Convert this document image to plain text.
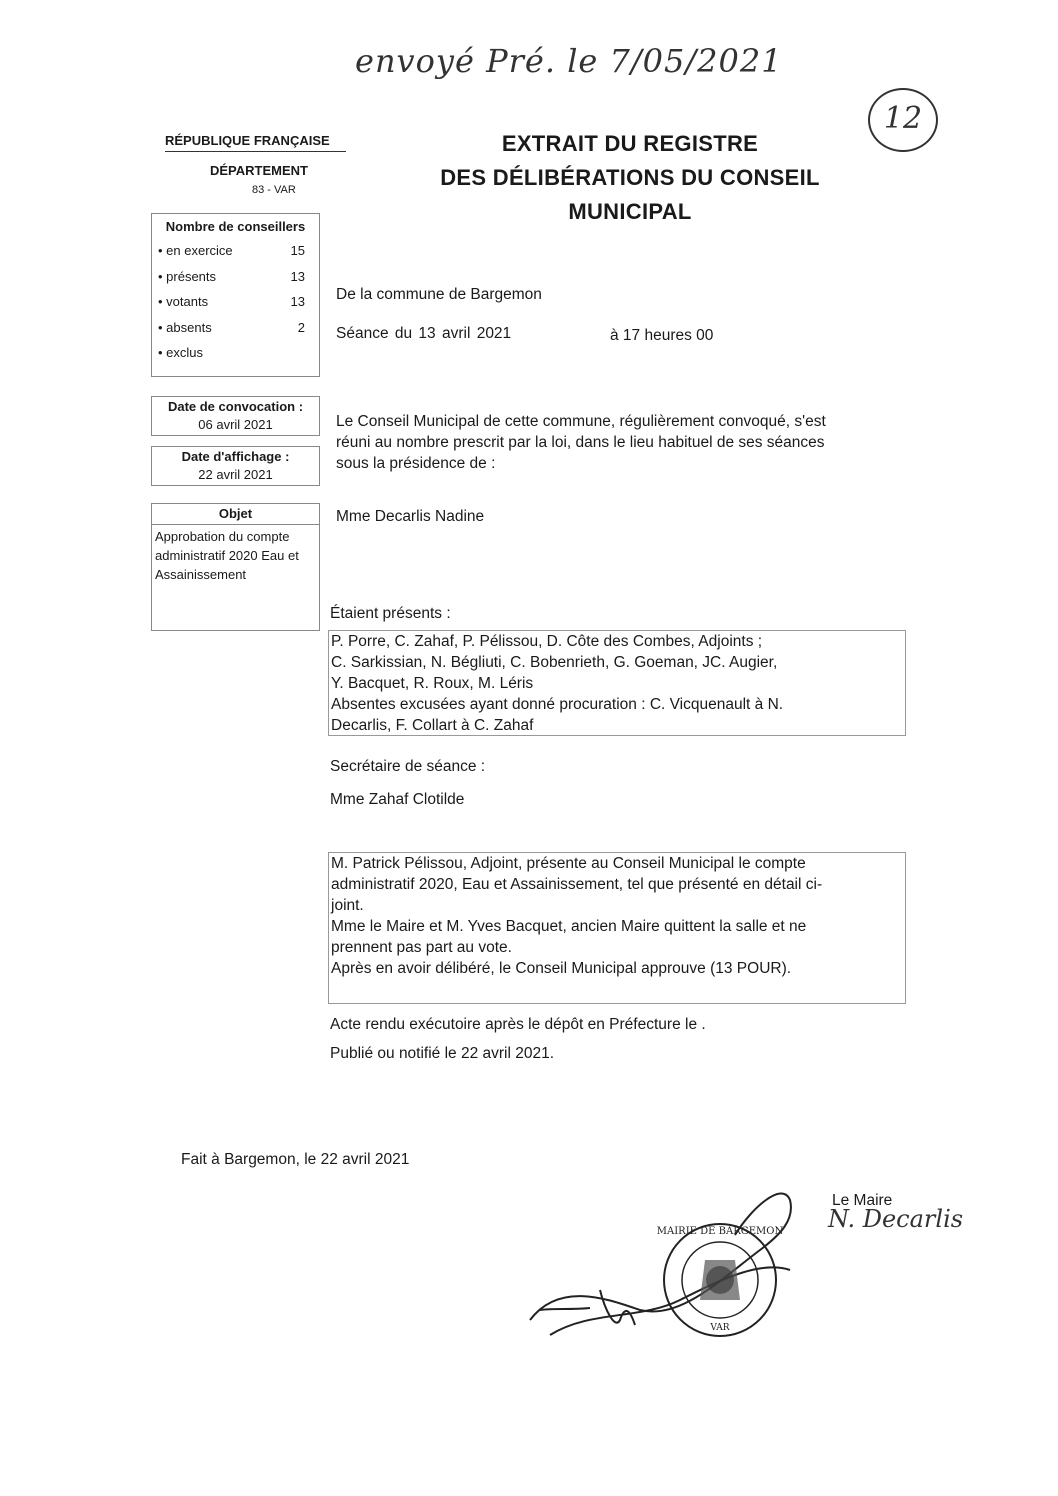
envoyé Pré. le 7/05/2021
12
RÉPUBLIQUE FRANÇAISE
DÉPARTEMENT
83 - VAR
EXTRAIT DU REGISTRE
DES DÉLIBÉRATIONS DU CONSEIL
MUNICIPAL
Nombre de conseillers
• en exercice	15
• présents	13
• votants	13
• absents	2
• exclus
Date de convocation :
06 avril 2021
Date d'affichage :
22 avril 2021
Objet
Approbation du compte administratif 2020 Eau et Assainissement
De la commune de Bargemon
Séance du 13 avril 2021	à 17 heures 00
Le Conseil Municipal de cette commune, régulièrement convoqué, s'est
réuni au nombre prescrit par la loi, dans le lieu habituel de ses séances
sous la présidence de :
Mme Decarlis Nadine
Étaient présents :
P. Porre, C. Zahaf, P. Pélissou, D. Côte des Combes, Adjoints ;
C. Sarkissian, N. Bégliuti, C. Bobenrieth, G. Goeman, JC. Augier,
Y. Bacquet, R. Roux, M. Léris
Absentes excusées ayant donné procuration : C. Vicquenault à N.
Decarlis, F. Collart à C. Zahaf
Secrétaire de séance :
Mme Zahaf Clotilde
M. Patrick Pélissou, Adjoint, présente au Conseil Municipal le compte
administratif 2020, Eau et Assainissement, tel que présenté en détail ci-
joint.
Mme le Maire et M. Yves Bacquet, ancien Maire quittent la salle et ne
prennent pas part au vote.
Après en avoir délibéré, le Conseil Municipal approuve (13 POUR).
Acte rendu exécutoire après le dépôt en Préfecture le .
Publié ou notifié le 22 avril 2021.
Fait à Bargemon, le 22 avril 2021
Le Maire
N. Decarlis
MAIRIE DE BARGEMON
VAR
